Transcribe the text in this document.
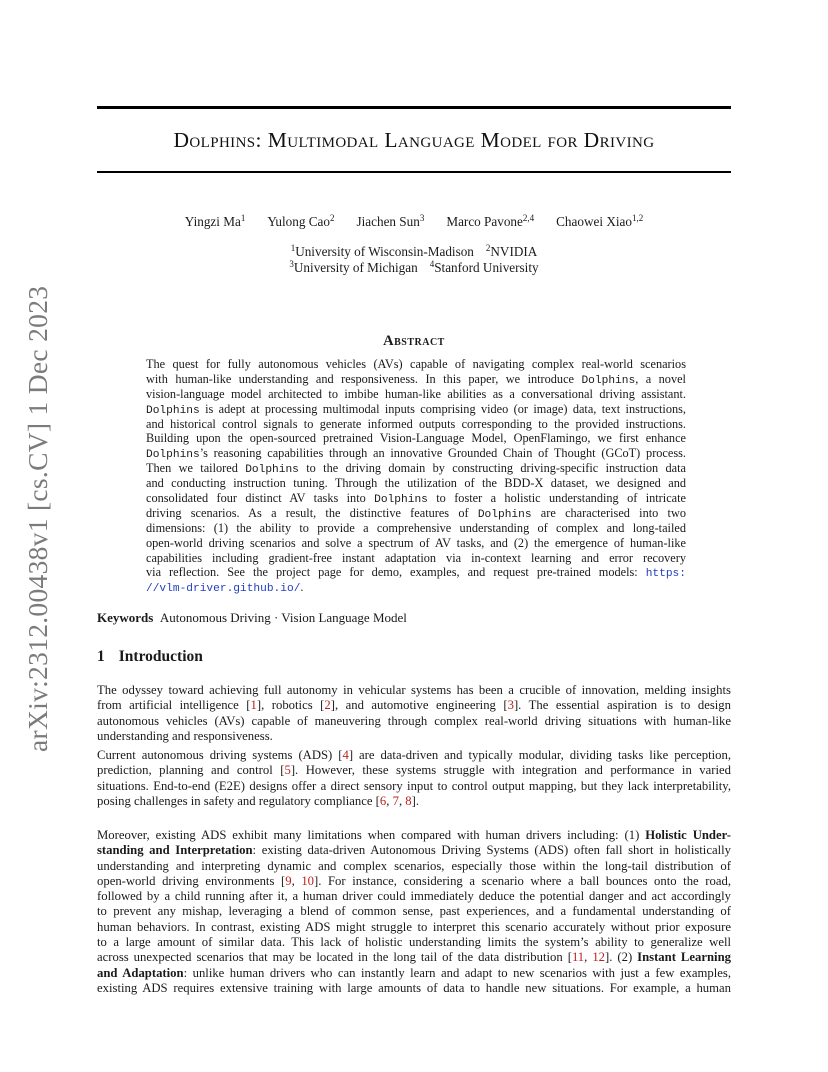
arXiv:2312.00438v1 [cs.CV] 1 Dec 2023
Dolphins: Multimodal Language Model for Driving
Yingzi Ma$^1$ Yulong Cao$^2$ Jiachen Sun$^3$ Marco Pavone$^{2,4}$ Chaowei Xiao$^{1,2}$
$^1$University of Wisconsin-Madison $^2$NVIDIA
$^3$University of Michigan $^4$Stanford University
Abstract
The quest for fully autonomous vehicles (AVs) capable of navigating complex real-world scenarios
with human-like understanding and responsiveness. In this paper, we introduce Dolphins, a novel
vision-language model architected to imbibe human-like abilities as a conversational driving assistant.
Dolphins is adept at processing multimodal inputs comprising video (or image) data, text instructions,
and historical control signals to generate informed outputs corresponding to the provided instructions.
Building upon the open-sourced pretrained Vision-Language Model, OpenFlamingo, we first enhance
Dolphins’s reasoning capabilities through an innovative Grounded Chain of Thought (GCoT) process.
Then we tailored Dolphins to the driving domain by constructing driving-specific instruction data
and conducting instruction tuning. Through the utilization of the BDD-X dataset, we designed and
consolidated four distinct AV tasks into Dolphins to foster a holistic understanding of intricate
driving scenarios. As a result, the distinctive features of Dolphins are characterised into two
dimensions: (1) the ability to provide a comprehensive understanding of complex and long-tailed
open-world driving scenarios and solve a spectrum of AV tasks, and (2) the emergence of human-like
capabilities including gradient-free instant adaptation via in-context learning and error recovery
via reflection. See the project page for demo, examples, and request pre-trained models: https:
//vlm-driver.github.io/.
Keywords Autonomous Driving · Vision Language Model
1 Introduction
The odyssey toward achieving full autonomy in vehicular systems has been a crucible of innovation, melding insights
from artificial intelligence [1], robotics [2], and automotive engineering [3]. The essential aspiration is to design
autonomous vehicles (AVs) capable of maneuvering through complex real-world driving situations with human-like
understanding and responsiveness.
Current autonomous driving systems (ADS) [4] are data-driven and typically modular, dividing tasks like perception,
prediction, planning and control [5]. However, these systems struggle with integration and performance in varied
situations. End-to-end (E2E) designs offer a direct sensory input to control output mapping, but they lack interpretability,
posing challenges in safety and regulatory compliance [6, 7, 8].
Moreover, existing ADS exhibit many limitations when compared with human drivers including: (1) Holistic Under-
standing and Interpretation: existing data-driven Autonomous Driving Systems (ADS) often fall short in holistically
understanding and interpreting dynamic and complex scenarios, especially those within the long-tail distribution of
open-world driving environments [9, 10]. For instance, considering a scenario where a ball bounces onto the road,
followed by a child running after it, a human driver could immediately deduce the potential danger and act accordingly
to prevent any mishap, leveraging a blend of common sense, past experiences, and a fundamental understanding of
human behaviors. In contrast, existing ADS might struggle to interpret this scenario accurately without prior exposure
to a large amount of similar data. This lack of holistic understanding limits the system’s ability to generalize well
across unexpected scenarios that may be located in the long tail of the data distribution [11, 12]. (2) Instant Learning
and Adaptation: unlike human drivers who can instantly learn and adapt to new scenarios with just a few examples,
existing ADS requires extensive training with large amounts of data to handle new situations. For example, a human
